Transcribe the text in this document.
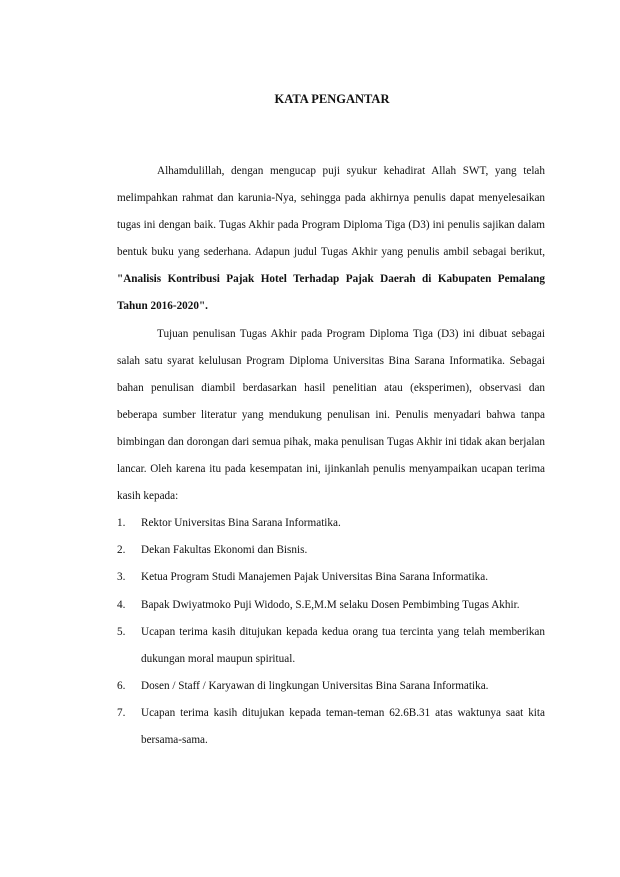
KATA PENGANTAR

Alhamdulillah, dengan mengucap puji syukur kehadirat Allah SWT, yang telah melimpahkan rahmat dan karunia-Nya, sehingga pada akhirnya penulis dapat menyelesaikan tugas ini dengan baik. Tugas Akhir pada Program Diploma Tiga (D3) ini penulis sajikan dalam bentuk buku yang sederhana. Adapun judul Tugas Akhir yang penulis ambil sebagai berikut, "Analisis Kontribusi Pajak Hotel Terhadap Pajak Daerah di Kabupaten Pemalang Tahun 2016-2020".

Tujuan penulisan Tugas Akhir pada Program Diploma Tiga (D3) ini dibuat sebagai salah satu syarat kelulusan Program Diploma Universitas Bina Sarana Informatika. Sebagai bahan penulisan diambil berdasarkan hasil penelitian atau (eksperimen), observasi dan beberapa sumber literatur yang mendukung penulisan ini. Penulis menyadari bahwa tanpa bimbingan dan dorongan dari semua pihak, maka penulisan Tugas Akhir ini tidak akan berjalan lancar. Oleh karena itu pada kesempatan ini, ijinkanlah penulis menyampaikan ucapan terima kasih kepada:

1. Rektor Universitas Bina Sarana Informatika.
2. Dekan Fakultas Ekonomi dan Bisnis.
3. Ketua Program Studi Manajemen Pajak Universitas Bina Sarana Informatika.
4. Bapak Dwiyatmoko Puji Widodo, S.E,M.M selaku Dosen Pembimbing Tugas Akhir.
5. Ucapan terima kasih ditujukan kepada kedua orang tua tercinta yang telah memberikan dukungan moral maupun spiritual.
6. Dosen / Staff / Karyawan di lingkungan Universitas Bina Sarana Informatika.
7. Ucapan terima kasih ditujukan kepada teman-teman 62.6B.31 atas waktunya saat kita bersama-sama.
